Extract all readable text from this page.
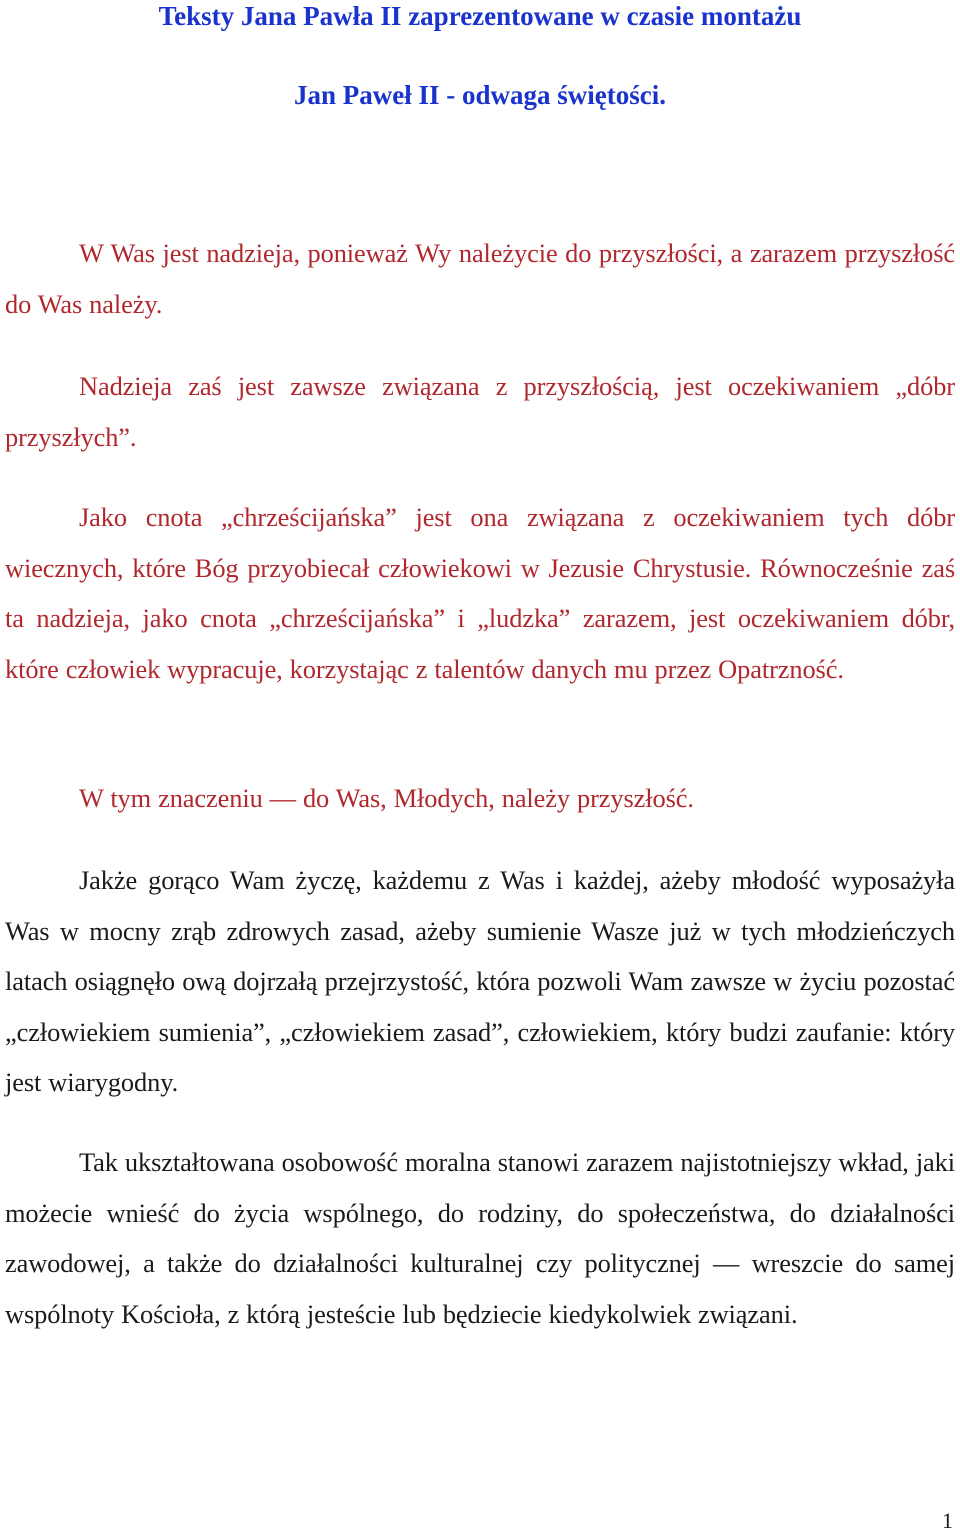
Teksty Jana Pawła II zaprezentowane w czasie montażu
Jan Paweł II - odwaga świętości.

W Was jest nadzieja, ponieważ Wy należycie do przyszłości, a zarazem przyszłość do Was należy.

Nadzieja zaś jest zawsze związana z przyszłością, jest oczekiwaniem „dóbr przyszłych”.

Jako cnota „chrześcijańska” jest ona związana z oczekiwaniem tych dóbr wiecznych, które Bóg przyobiecał człowiekowi w Jezusie Chrystusie. Równocześnie zaś ta nadzieja, jako cnota „chrześcijańska” i „ludzka” zarazem, jest oczekiwaniem dóbr, które człowiek wypracuje, korzystając z talentów danych mu przez Opatrzność.

W tym znaczeniu — do Was, Młodych, należy przyszłość.

Jakże gorąco Wam życzę, każdemu z Was i każdej, ażeby młodość wyposażyła Was w mocny zrąb zdrowych zasad, ażeby sumienie Wasze już w tych młodzieńczych latach osiągnęło ową dojrzałą przejrzystość, która pozwoli Wam zawsze w życiu pozostać „człowiekiem sumienia”, „człowiekiem zasad”, człowiekiem, który budzi zaufanie: który jest wiarygodny.

Tak ukształtowana osobowość moralna stanowi zarazem najistotniejszy wkład, jaki możecie wnieść do życia wspólnego, do rodziny, do społeczeństwa, do działalności zawodowej, a także do działalności kulturalnej czy politycznej — wreszcie do samej wspólnoty Kościoła, z którą jesteście lub będziecie kiedykolwiek związani.

1
